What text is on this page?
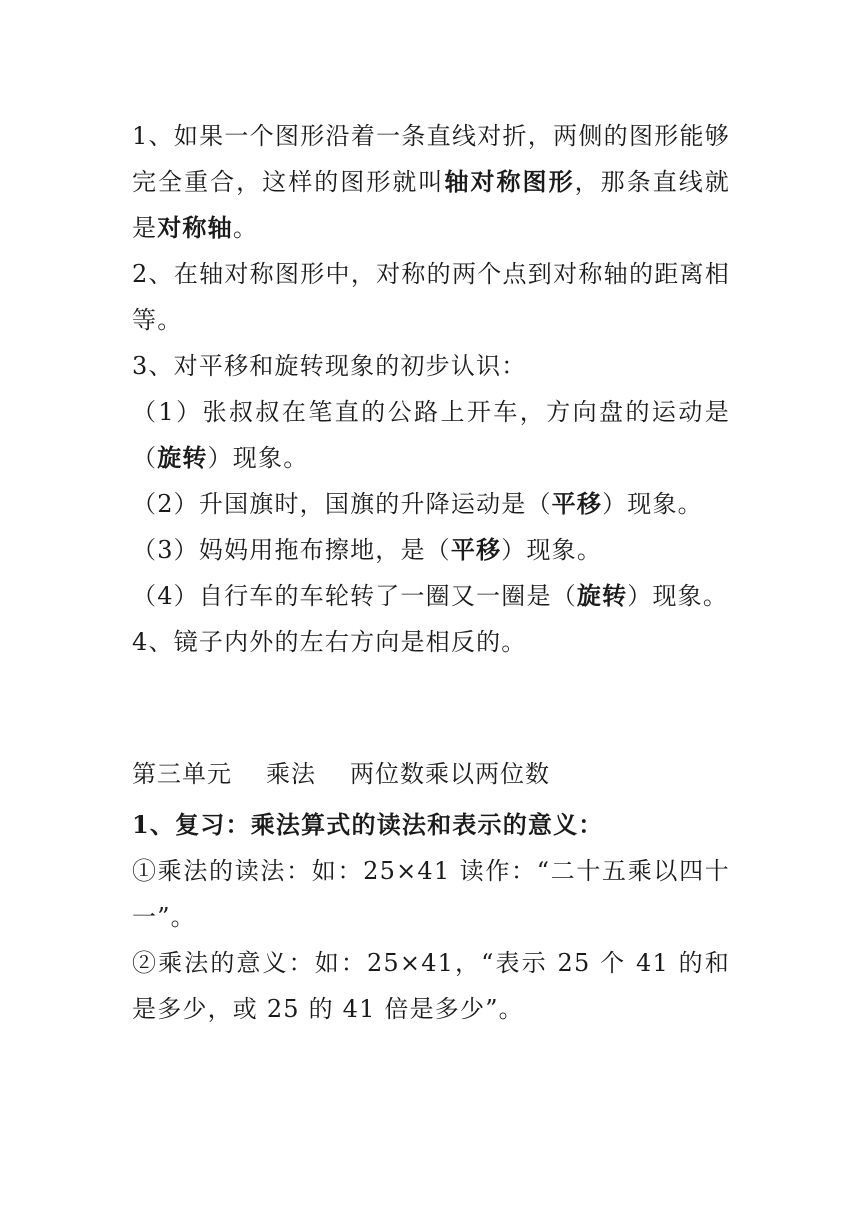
1、如果一个图形沿着一条直线对折，两侧的图形能够完全重合，这样的图形就叫轴对称图形，那条直线就是对称轴。
2、在轴对称图形中，对称的两个点到对称轴的距离相等。
3、对平移和旋转现象的初步认识：
（1）张叔叔在笔直的公路上开车，方向盘的运动是（旋转）现象。
（2）升国旗时，国旗的升降运动是（平移）现象。
（3）妈妈用拖布擦地，是（平移）现象。
（4）自行车的车轮转了一圈又一圈是（旋转）现象。
4、镜子内外的左右方向是相反的。
第三单元 乘法 两位数乘以两位数
1、复习：乘法算式的读法和表示的意义：
①乘法的读法：如：25×41 读作：“二十五乘以四十一”。
②乘法的意义：如：25×41，“表示 25 个 41 的和是多少，或 25 的 41 倍是多少”。
